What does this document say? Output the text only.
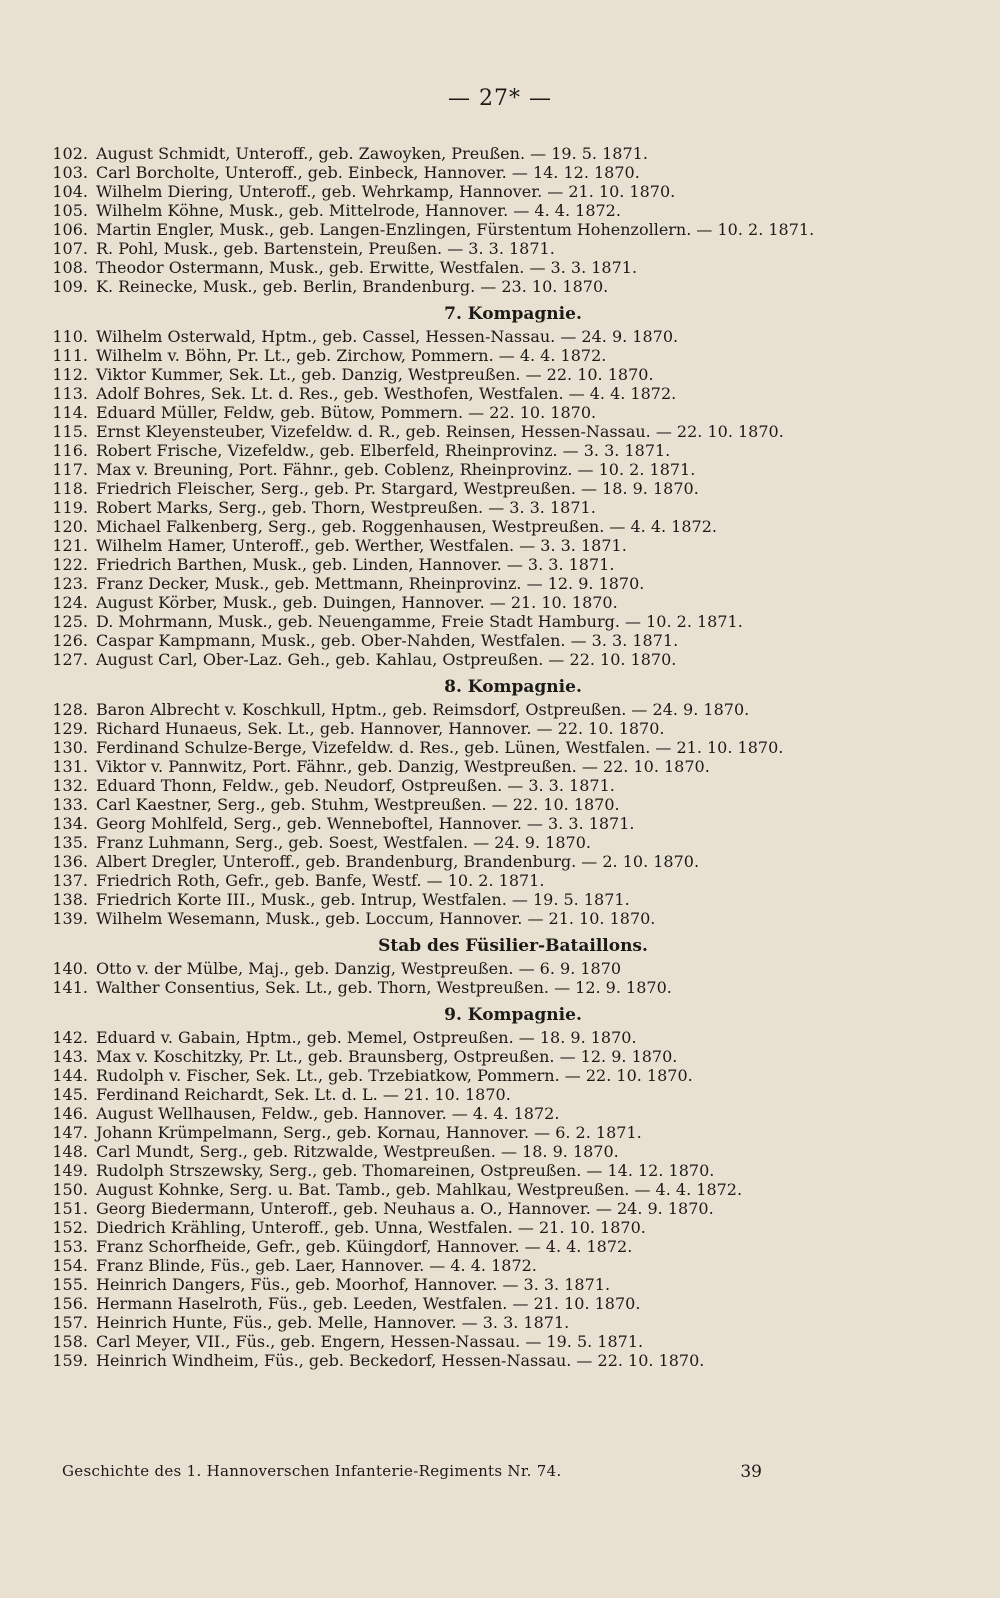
— 27* —
102. August Schmidt, Unteroff., geb. Zawoyken, Preußen. — 19. 5. 1871.
103. Carl Borcholte, Unteroff., geb. Einbeck, Hannover. — 14. 12. 1870.
104. Wilhelm Diering, Unteroff., geb. Wehrkamp, Hannover. — 21. 10. 1870.
105. Wilhelm Köhne, Musk., geb. Mittelrode, Hannover. — 4. 4. 1872.
106. Martin Engler, Musk., geb. Langen-Enzlingen, Fürstentum Hohenzollern. — 10. 2. 1871.
107. R. Pohl, Musk., geb. Bartenstein, Preußen. — 3. 3. 1871.
108. Theodor Ostermann, Musk., geb. Erwitte, Westfalen. — 3. 3. 1871.
109. K. Reinecke, Musk., geb. Berlin, Brandenburg. — 23. 10. 1870.
7. Kompagnie.
110. Wilhelm Osterwald, Hptm., geb. Cassel, Hessen-Nassau. — 24. 9. 1870.
111. Wilhelm v. Böhn, Pr. Lt., geb. Zirchow, Pommern. — 4. 4. 1872.
112. Viktor Kummer, Sek. Lt., geb. Danzig, Westpreußen. — 22. 10. 1870.
113. Adolf Bohres, Sek. Lt. d. Res., geb. Westhofen, Westfalen. — 4. 4. 1872.
114. Eduard Müller, Feldw, geb. Bütow, Pommern. — 22. 10. 1870.
115. Ernst Kleyensteuber, Vizefeldw. d. R., geb. Reinsen, Hessen-Nassau. — 22. 10. 1870.
116. Robert Frische, Vizefeldw., geb. Elberfeld, Rheinprovinz. — 3. 3. 1871.
117. Max v. Breuning, Port. Fähnr., geb. Coblenz, Rheinprovinz. — 10. 2. 1871.
118. Friedrich Fleischer, Serg., geb. Pr. Stargard, Westpreußen. — 18. 9. 1870.
119. Robert Marks, Serg., geb. Thorn, Westpreußen. — 3. 3. 1871.
120. Michael Falkenberg, Serg., geb. Roggenhausen, Westpreußen. — 4. 4. 1872.
121. Wilhelm Hamer, Unteroff., geb. Werther, Westfalen. — 3. 3. 1871.
122. Friedrich Barthen, Musk., geb. Linden, Hannover. — 3. 3. 1871.
123. Franz Decker, Musk., geb. Mettmann, Rheinprovinz. — 12. 9. 1870.
124. August Körber, Musk., geb. Duingen, Hannover. — 21. 10. 1870.
125. D. Mohrmann, Musk., geb. Neuengamme, Freie Stadt Hamburg. — 10. 2. 1871.
126. Caspar Kampmann, Musk., geb. Ober-Nahden, Westfalen. — 3. 3. 1871.
127. August Carl, Ober-Laz. Geh., geb. Kahlau, Ostpreußen. — 22. 10. 1870.
8. Kompagnie.
128. Baron Albrecht v. Koschkull, Hptm., geb. Reimsdorf, Ostpreußen. — 24. 9. 1870.
129. Richard Hunaeus, Sek. Lt., geb. Hannover, Hannover. — 22. 10. 1870.
130. Ferdinand Schulze-Berge, Vizefeldw. d. Res., geb. Lünen, Westfalen. — 21. 10. 1870.
131. Viktor v. Pannwitz, Port. Fähnr., geb. Danzig, Westpreußen. — 22. 10. 1870.
132. Eduard Thonn, Feldw., geb. Neudorf, Ostpreußen. — 3. 3. 1871.
133. Carl Kaestner, Serg., geb. Stuhm, Westpreußen. — 22. 10. 1870.
134. Georg Mohlfeld, Serg., geb. Wenneboftel, Hannover. — 3. 3. 1871.
135. Franz Luhmann, Serg., geb. Soest, Westfalen. — 24. 9. 1870.
136. Albert Dregler, Unteroff., geb. Brandenburg, Brandenburg. — 2. 10. 1870.
137. Friedrich Roth, Gefr., geb. Banfe, Westf. — 10. 2. 1871.
138. Friedrich Korte III., Musk., geb. Intrup, Westfalen. — 19. 5. 1871.
139. Wilhelm Wesemann, Musk., geb. Loccum, Hannover. — 21. 10. 1870.
Stab des Füsilier-Bataillons.
140. Otto v. der Mülbe, Maj., geb. Danzig, Westpreußen. — 6. 9. 1870
141. Walther Consentius, Sek. Lt., geb. Thorn, Westpreußen. — 12. 9. 1870.
9. Kompagnie.
142. Eduard v. Gabain, Hptm., geb. Memel, Ostpreußen. — 18. 9. 1870.
143. Max v. Koschitzky, Pr. Lt., geb. Braunsberg, Ostpreußen. — 12. 9. 1870.
144. Rudolph v. Fischer, Sek. Lt., geb. Trzebiatkow, Pommern. — 22. 10. 1870.
145. Ferdinand Reichardt, Sek. Lt. d. L. — 21. 10. 1870.
146. August Wellhausen, Feldw., geb. Hannover. — 4. 4. 1872.
147. Johann Krümpelmann, Serg., geb. Kornau, Hannover. — 6. 2. 1871.
148. Carl Mundt, Serg., geb. Ritzwalde, Westpreußen. — 18. 9. 1870.
149. Rudolph Strszewsky, Serg., geb. Thomareinen, Ostpreußen. — 14. 12. 1870.
150. August Kohnke, Serg. u. Bat. Tamb., geb. Mahlkau, Westpreußen. — 4. 4. 1872.
151. Georg Biedermann, Unteroff., geb. Neuhaus a. O., Hannover. — 24. 9. 1870.
152. Diedrich Krähling, Unteroff., geb. Unna, Westfalen. — 21. 10. 1870.
153. Franz Schorfheide, Gefr., geb. Küingdorf, Hannover. — 4. 4. 1872.
154. Franz Blinde, Füs., geb. Laer, Hannover. — 4. 4. 1872.
155. Heinrich Dangers, Füs., geb. Moorhof, Hannover. — 3. 3. 1871.
156. Hermann Haselroth, Füs., geb. Leeden, Westfalen. — 21. 10. 1870.
157. Heinrich Hunte, Füs., geb. Melle, Hannover. — 3. 3. 1871.
158. Carl Meyer, VII., Füs., geb. Engern, Hessen-Nassau. — 19. 5. 1871.
159. Heinrich Windheim, Füs., geb. Beckedorf, Hessen-Nassau. — 22. 10. 1870.
Geschichte des 1. Hannoverschen Infanterie-Regiments Nr. 74.	39
